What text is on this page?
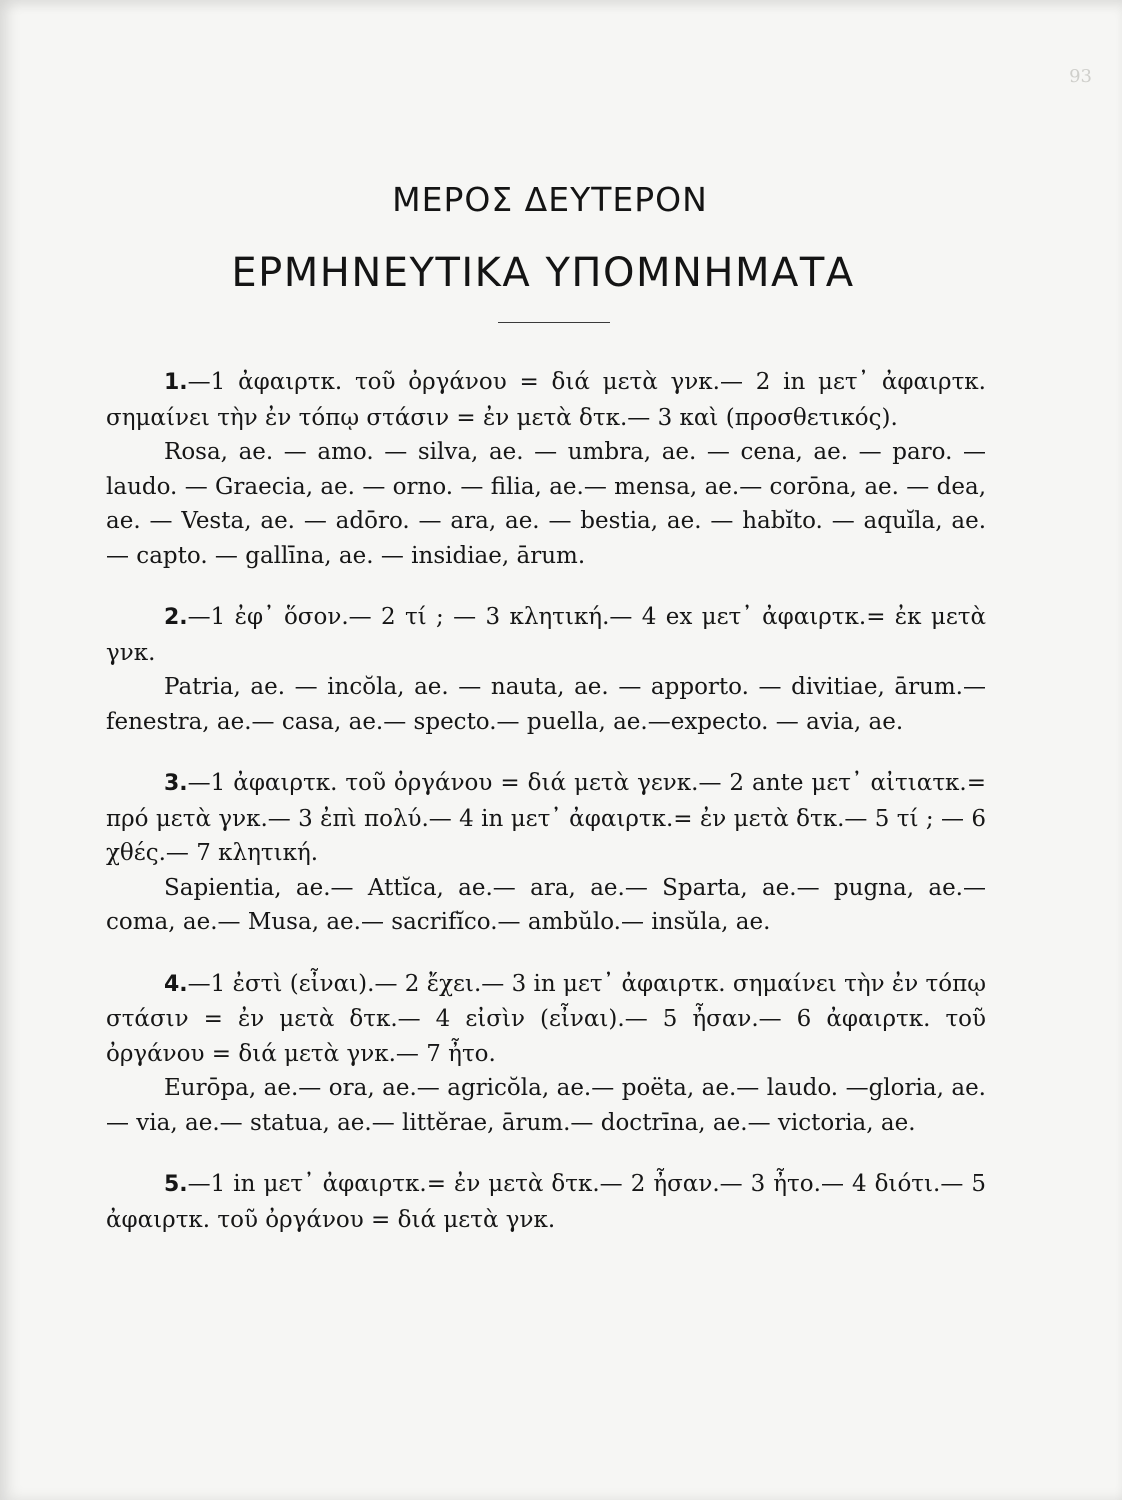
93
ΜΕΡΟΣ ΔΕΥΤΕΡΟΝ
ΕΡΜΗΝΕΥΤΙΚΑ ΥΠΟΜΝΗΜΑΤΑ

1.—1 ἀφαιρτκ. τοῦ ὀργάνου = διά μετὰ γνκ.— 2 in μετ᾽ ἀφαιρτκ. σημαίνει τὴν ἐν τόπῳ στάσιν = ἐν μετὰ δτκ.— 3 καὶ (προσθετικός).

Rosa, ae. — amo. — silva, ae. — umbra, ae. — cena, ae. — paro. — laudo. — Graecia, ae. — orno. — filia, ae.— mensa, ae.— corōna, ae. — dea, ae. — Vesta, ae. — adōro. — ara, ae. — bestia, ae. — habĭto. — aquĭla, ae. — capto. — gallīna, ae. — insidiae, ārum.

2.—1 ἐφ᾽ ὅσον.— 2 τί ; — 3 κλητική.— 4 ex μετ᾽ ἀφαιρτκ.= ἐκ μετὰ γνκ.

Patria, ae. — incŏla, ae. — nauta, ae. — apporto. — divitiae, ārum.— fenestra, ae.— casa, ae.— specto.— puella, ae.—expecto. — avia, ae.

3.—1 ἀφαιρτκ. τοῦ ὀργάνου = διά μετὰ γενκ.— 2 ante μετ᾽ αἰτιατκ.= πρό μετὰ γνκ.— 3 ἐπὶ πολύ.— 4 in μετ᾽ ἀφαιρτκ.= ἐν μετὰ δτκ.— 5 τί ; — 6 χθές.— 7 κλητική.

Sapientia, ae.— Attĭca, ae.— ara, ae.— Sparta, ae.— pugna, ae.— coma, ae.— Musa, ae.— sacrifĭco.— ambŭlo.— insŭla, ae.

4.—1 ἐστὶ (εἶναι).— 2 ἔχει.— 3 in μετ᾽ ἀφαιρτκ. σημαίνει τὴν ἐν τόπῳ στάσιν = ἐν μετὰ δτκ.— 4 εἰσὶν (εἶναι).— 5 ἦσαν.— 6 ἀφαιρτκ. τοῦ ὀργάνου = διά μετὰ γνκ.— 7 ἦτο.

Eurōpa, ae.— ora, ae.— agricŏla, ae.— poëta, ae.— laudo. —gloria, ae.— via, ae.— statua, ae.— littĕrae, ārum.— doctrīna, ae.— victoria, ae.

5.—1 in μετ᾽ ἀφαιρτκ.= ἐν μετὰ δτκ.— 2 ἦσαν.— 3 ἦτο.— 4 διότι.— 5 ἀφαιρτκ. τοῦ ὀργάνου = διά μετὰ γνκ.
